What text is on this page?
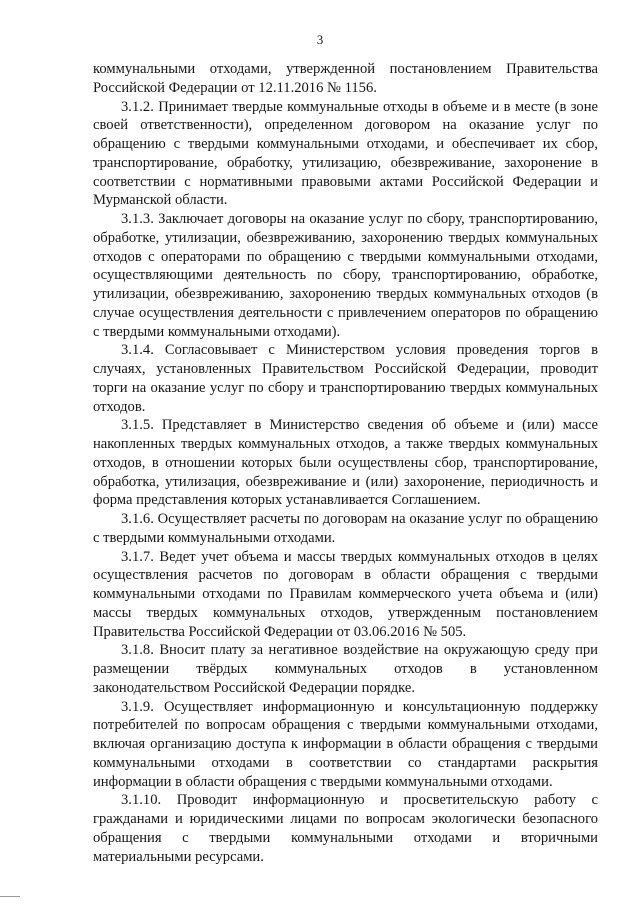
3

коммунальными отходами, утвержденной постановлением Правительства Российской Федерации от 12.11.2016 № 1156.

3.1.2. Принимает твердые коммунальные отходы в объеме и в месте (в зоне своей ответственности), определенном договором на оказание услуг по обращению с твердыми коммунальными отходами, и обеспечивает их сбор, транспортирование, обработку, утилизацию, обезвреживание, захоронение в соответствии с нормативными правовыми актами Российской Федерации и Мурманской области.

3.1.3. Заключает договоры на оказание услуг по сбору, транспортированию, обработке, утилизации, обезвреживанию, захоронению твердых коммунальных отходов с операторами по обращению с твердыми коммунальными отходами, осуществляющими деятельность по сбору, транспортированию, обработке, утилизации, обезвреживанию, захоронению твердых коммунальных отходов (в случае осуществления деятельности с привлечением операторов по обращению с твердыми коммунальными отходами).

3.1.4. Согласовывает с Министерством условия проведения торгов в случаях, установленных Правительством Российской Федерации, проводит торги на оказание услуг по сбору и транспортированию твердых коммунальных отходов.

3.1.5. Представляет в Министерство сведения об объеме и (или) массе накопленных твердых коммунальных отходов, а также твердых коммунальных отходов, в отношении которых были осуществлены сбор, транспортирование, обработка, утилизация, обезвреживание и (или) захоронение, периодичность и форма представления которых устанавливается Соглашением.

3.1.6. Осуществляет расчеты по договорам на оказание услуг по обращению с твердыми коммунальными отходами.

3.1.7. Ведет учет объема и массы твердых коммунальных отходов в целях осуществления расчетов по договорам в области обращения с твердыми коммунальными отходами по Правилам коммерческого учета объема и (или) массы твердых коммунальных отходов, утвержденным постановлением Правительства Российской Федерации от 03.06.2016 № 505.

3.1.8. Вносит плату за негативное воздействие на окружающую среду при размещении твёрдых коммунальных отходов в установленном законодательством Российской Федерации порядке.

3.1.9. Осуществляет информационную и консультационную поддержку потребителей по вопросам обращения с твердыми коммунальными отходами, включая организацию доступа к информации в области обращения с твердыми коммунальными отходами в соответствии со стандартами раскрытия информации в области обращения с твердыми коммунальными отходами.

3.1.10. Проводит информационную и просветительскую работу с гражданами и юридическими лицами по вопросам экологически безопасного обращения с твердыми коммунальными отходами и вторичными материальными ресурсами.
